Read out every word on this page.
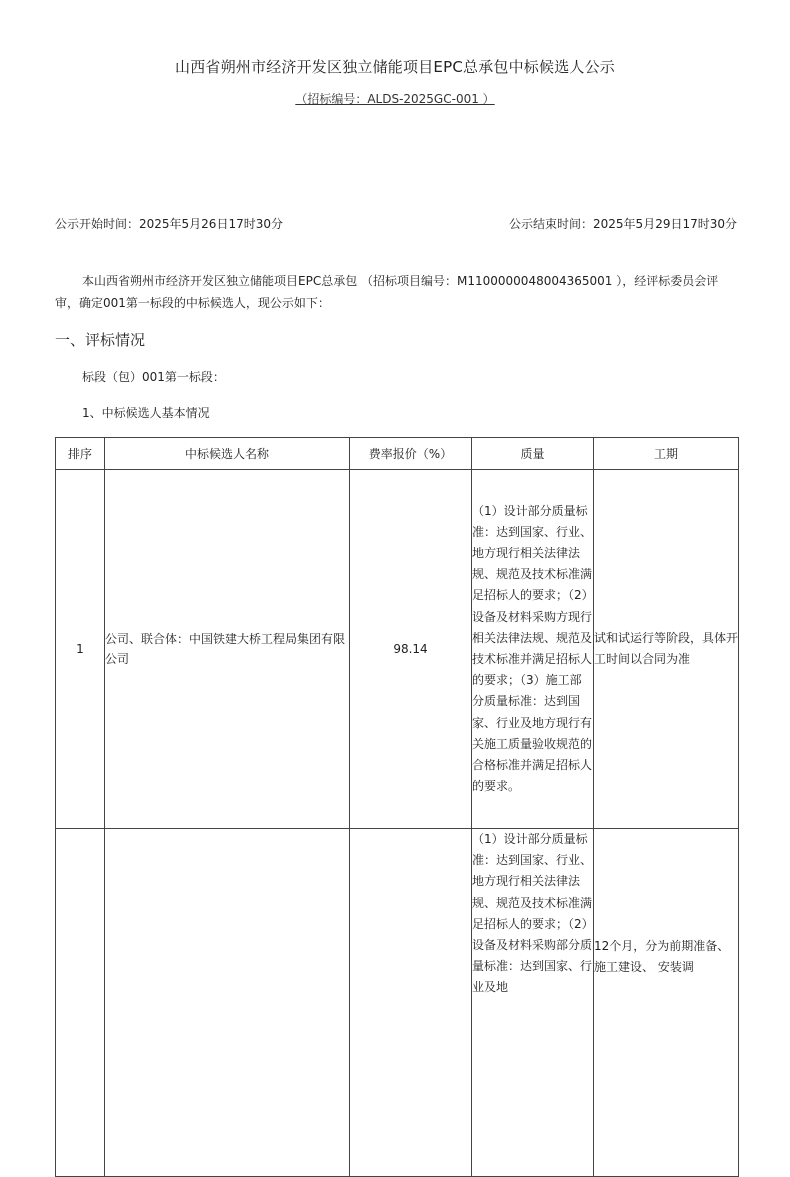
山西省朔州市经济开发区独立储能项目EPC总承包中标候选人公示
（招标编号：ALDS-2025GC-001 ）
公示开始时间：2025年5月26日17时30分	公示结束时间：2025年5月29日17时30分
本山西省朔州市经济开发区独立储能项目EPC总承包 （招标项目编号：M1100000048004365001 ），经评标委员会评审，确定001第一标段的中标候选人，现公示如下：
一、评标情况
标段（包）001第一标段：
1、中标候选人基本情况
排序	中标候选人名称	费率报价（%）	质量	工期
1	公司、联合体：中国铁建大桥工程局集团有限公司	98.14	（1）设计部分质量标准：达到国家、行业、地方现行相关法律法规、规范及技术标准满足招标人的要求；（2）设备及材料采购方现行相关法律法规、规范及技术标准并满足招标人的要求；（3）施工部分质量标准：达到国家、行业及地方现行有关施工质量验收规范的合格标准并满足招标人的要求。	试和试运行等阶段，具体开工时间以合同为准
			（1）设计部分质量标准：达到国家、行业、地方现行相关法律法规、规范及技术标准满足招标人的要求；（2）设备及材料采购部分质量标准：达到国家、行业及地	12个月，分为前期准备、施工建设、 安装调
